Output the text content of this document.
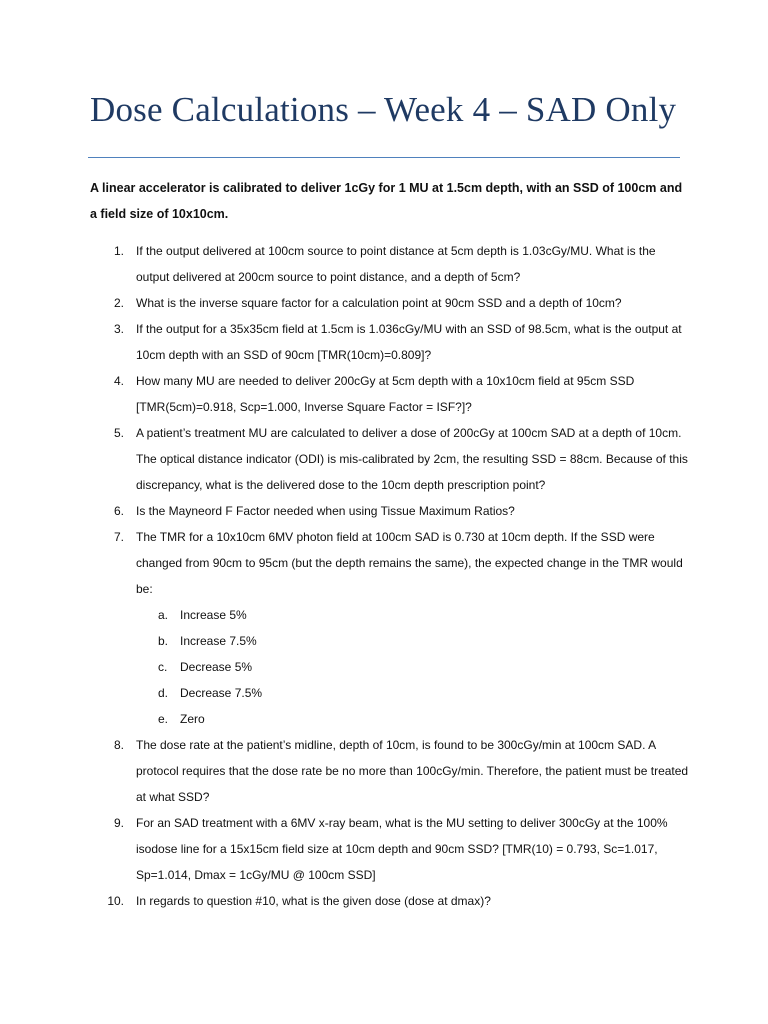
Dose Calculations – Week 4 – SAD Only

A linear accelerator is calibrated to deliver 1cGy for 1 MU at 1.5cm depth, with an SSD of 100cm and a field size of 10x10cm.

1. If the output delivered at 100cm source to point distance at 5cm depth is 1.03cGy/MU. What is the output delivered at 200cm source to point distance, and a depth of 5cm?
2. What is the inverse square factor for a calculation point at 90cm SSD and a depth of 10cm?
3. If the output for a 35x35cm field at 1.5cm is 1.036cGy/MU with an SSD of 98.5cm, what is the output at 10cm depth with an SSD of 90cm [TMR(10cm)=0.809]?
4. How many MU are needed to deliver 200cGy at 5cm depth with a 10x10cm field at 95cm SSD [TMR(5cm)=0.918, Scp=1.000, Inverse Square Factor = ISF?]?
5. A patient’s treatment MU are calculated to deliver a dose of 200cGy at 100cm SAD at a depth of 10cm. The optical distance indicator (ODI) is mis-calibrated by 2cm, the resulting SSD = 88cm. Because of this discrepancy, what is the delivered dose to the 10cm depth prescription point?
6. Is the Mayneord F Factor needed when using Tissue Maximum Ratios?
7. The TMR for a 10x10cm 6MV photon field at 100cm SAD is 0.730 at 10cm depth. If the SSD were changed from 90cm to 95cm (but the depth remains the same), the expected change in the TMR would be:
a. Increase 5%
b. Increase 7.5%
c.	Decrease 5%
d. Decrease 7.5%
e. Zero
8. The dose rate at the patient’s midline, depth of 10cm, is found to be 300cGy/min at 100cm SAD. A protocol requires that the dose rate be no more than 100cGy/min. Therefore, the patient must be treated at what SSD?
9. For an SAD treatment with a 6MV x-ray beam, what is the MU setting to deliver 300cGy at the 100% isodose line for a 15x15cm field size at 10cm depth and 90cm SSD? [TMR(10) = 0.793, Sc=1.017, Sp=1.014, Dmax = 1cGy/MU @ 100cm SSD]
10. In regards to question #10, what is the given dose (dose at dmax)?
